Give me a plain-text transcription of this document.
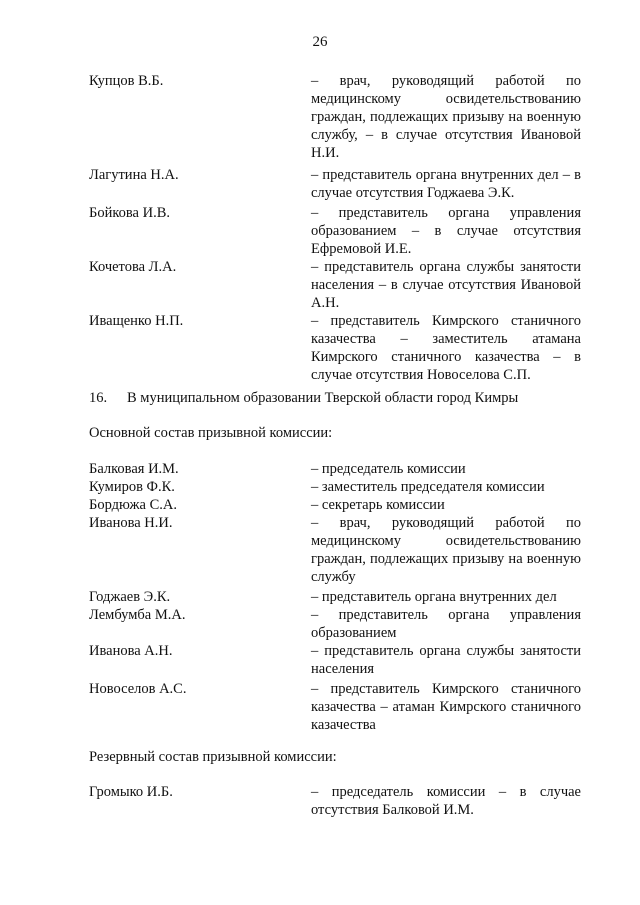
26
Купцов В.Б.	– врач, руководящий работой по медицинскому освидетельствованию граждан, подлежащих призыву на военную службу, – в случае отсутствия Ивановой Н.И.
Лагутина Н.А.	– представитель органа внутренних дел – в случае отсутствия Годжаева Э.К.
Бойкова И.В.	– представитель органа управления образованием – в случае отсутствия Ефремовой И.Е.
Кочетова Л.А.	– представитель органа службы занятости населения – в случае отсутствия Ивановой А.Н.
Иващенко Н.П.	– представитель Кимрского станичного казачества – заместитель атамана Кимрского станичного казачества – в случае отсутствия Новоселова С.П.
16. В муниципальном образовании Тверской области город Кимры
Основной состав призывной комиссии:
Балковая И.М.	– председатель комиссии
Кумиров Ф.К.	– заместитель председателя комиссии
Бордюжа С.А.	– секретарь комиссии
Иванова Н.И.	– врач, руководящий работой по медицинскому освидетельствованию граждан, подлежащих призыву на военную службу
Годжаев Э.К.	– представитель органа внутренних дел
Лембумба М.А.	– представитель органа управления образованием
Иванова А.Н.	– представитель органа службы занятости населения
Новоселов А.С.	– представитель Кимрского станичного казачества – атаман Кимрского станичного казачества
Резервный состав призывной комиссии:
Громыко И.Б.	– председатель комиссии – в случае отсутствия Балковой И.М.
